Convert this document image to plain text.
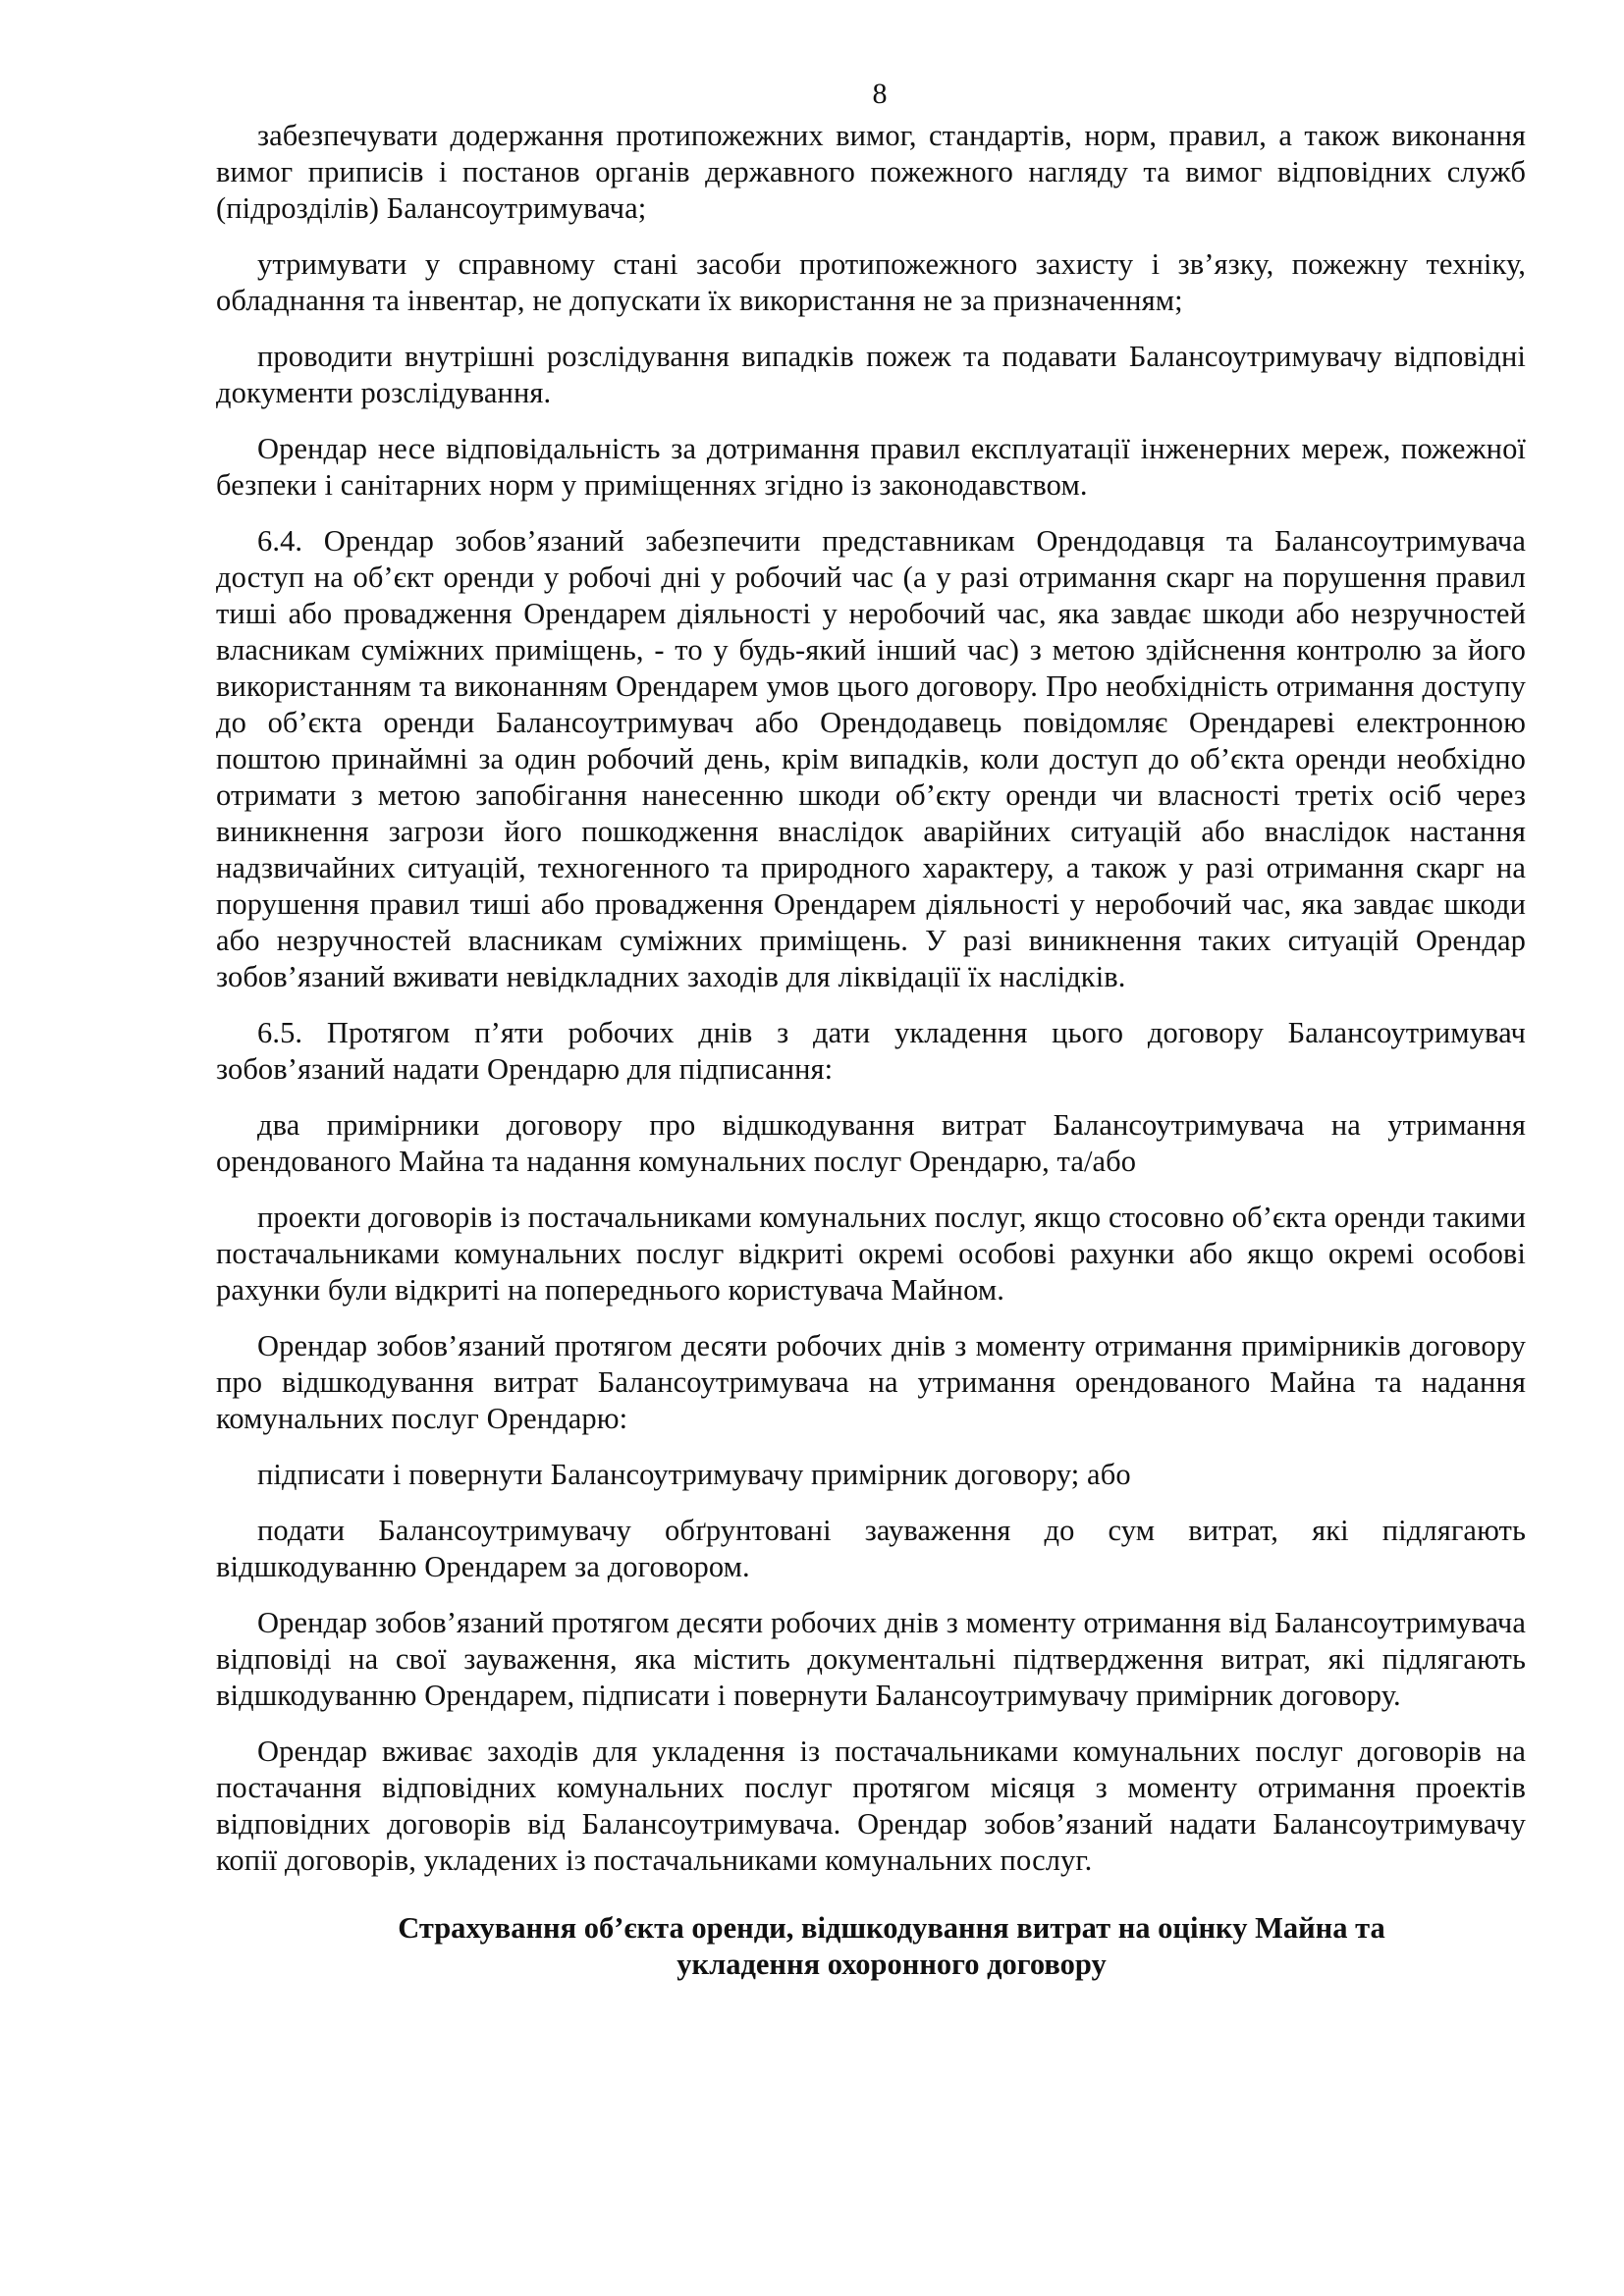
8

забезпечувати додержання протипожежних вимог, стандартів, норм, правил, а також виконання вимог приписів і постанов органів державного пожежного нагляду та вимог відповідних служб (підрозділів) Балансоутримувача;

утримувати у справному стані засоби протипожежного захисту і зв’язку, пожежну техніку, обладнання та інвентар, не допускати їх використання не за призначенням;

проводити внутрішні розслідування випадків пожеж та подавати Балансоутримувачу відповідні документи розслідування.

Орендар несе відповідальність за дотримання правил експлуатації інженерних мереж, пожежної безпеки і санітарних норм у приміщеннях згідно із законодавством.

6.4. Орендар зобов’язаний забезпечити представникам Орендодавця та Балансоутримувача доступ на об’єкт оренди у робочі дні у робочий час (а у разі отримання скарг на порушення правил тиші або провадження Орендарем діяльності у неробочий час, яка завдає шкоди або незручностей власникам суміжних приміщень, - то у будь-який інший час) з метою здійснення контролю за його використанням та виконанням Орендарем умов цього договору. Про необхідність отримання доступу до об’єкта оренди Балансоутримувач або Орендодавець повідомляє Орендареві електронною поштою принаймні за один робочий день, крім випадків, коли доступ до об’єкта оренди необхідно отримати з метою запобігання нанесенню шкоди об’єкту оренди чи власності третіх осіб через виникнення загрози його пошкодження внаслідок аварійних ситуацій або внаслідок настання надзвичайних ситуацій, техногенного та природного характеру, а також у разі отримання скарг на порушення правил тиші або провадження Орендарем діяльності у неробочий час, яка завдає шкоди або незручностей власникам суміжних приміщень. У разі виникнення таких ситуацій Орендар зобов’язаний вживати невідкладних заходів для ліквідації їх наслідків.

6.5. Протягом п’яти робочих днів з дати укладення цього договору Балансоутримувач зобов’язаний надати Орендарю для підписання:

два примірники договору про відшкодування витрат Балансоутримувача на утримання орендованого Майна та надання комунальних послуг Орендарю, та/або

проекти договорів із постачальниками комунальних послуг, якщо стосовно об’єкта оренди такими постачальниками комунальних послуг відкриті окремі особові рахунки або якщо окремі особові рахунки були відкриті на попереднього користувача Майном.

Орендар зобов’язаний протягом десяти робочих днів з моменту отримання примірників договору про відшкодування витрат Балансоутримувача на утримання орендованого Майна та надання комунальних послуг Орендарю:

підписати і повернути Балансоутримувачу примірник договору; або

подати Балансоутримувачу обґрунтовані зауваження до сум витрат, які підлягають відшкодуванню Орендарем за договором.

Орендар зобов’язаний протягом десяти робочих днів з моменту отримання від Балансоутримувача відповіді на свої зауваження, яка містить документальні підтвердження витрат, які підлягають відшкодуванню Орендарем, підписати і повернути Балансоутримувачу примірник договору.

Орендар вживає заходів для укладення із постачальниками комунальних послуг договорів на постачання відповідних комунальних послуг протягом місяця з моменту отримання проектів відповідних договорів від Балансоутримувача. Орендар зобов’язаний надати Балансоутримувачу копії договорів, укладених із постачальниками комунальних послуг.

Страхування об’єкта оренди, відшкодування витрат на оцінку Майна та
укладення охоронного договору
